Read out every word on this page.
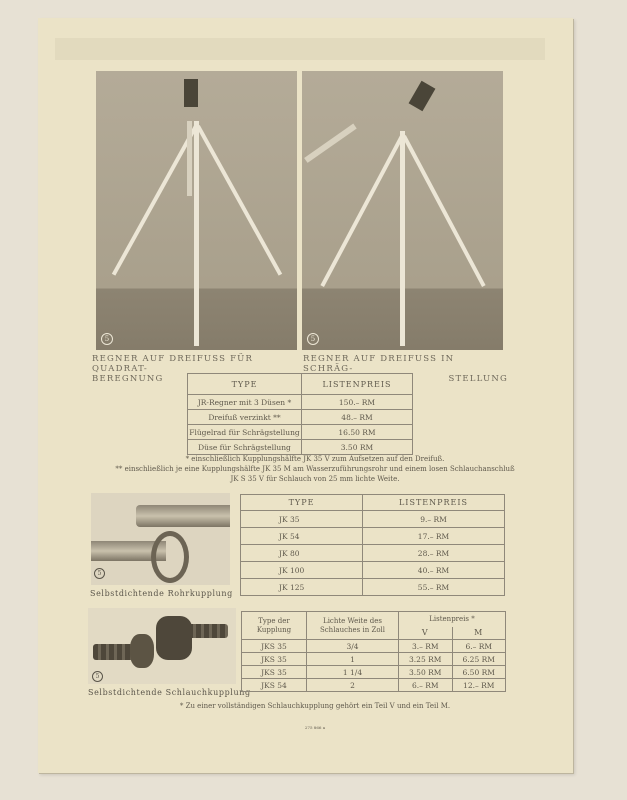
5	5
REGNER AUF DREIFUSS FÜR QUADRAT-
BEREGNUNG
REGNER AUF DREIFUSS IN SCHRÄG-
STELLUNG
TYPE	LISTENPREIS
JR-Regner mit 3 Düsen *	150.– RM
Dreifuß verzinkt **	48.– RM
Flügelrad für Schrägstellung	16.50 RM
Düse für Schrägstellung	3.50 RM
* einschließlich Kupplungshälfte JK 35 V zum Aufsetzen auf den Dreifuß.
** einschließlich je eine Kupplungshälfte JK 35 M am Wasserzuführungsrohr und einem losen Schlauchanschluß
JK S 35 V für Schlauch von 25 mm lichte Weite.
5
Selbstdichtende Rohrkupplung
TYPE	LISTENPREIS
JK 35	9.– RM
JK 54	17.– RM
JK 80	28.– RM
JK 100	40.– RM
JK 125	55.– RM
5
Selbstdichtende Schlauchkupplung
Type der Kupplung	Lichte Weite des Schlauches in Zoll	Listenpreis *	
		V	M
JKS 35	3/4	3.– RM	6.– RM
JKS 35	1	3.25 RM	6.25 RM
JKS 35	1 1/4	3.50 RM	6.50 RM
JKS 54	2	6.– RM	12.– RM
* Zu einer vollständigen Schlauchkupplung gehört ein Teil V und ein Teil M.
275 866 a
